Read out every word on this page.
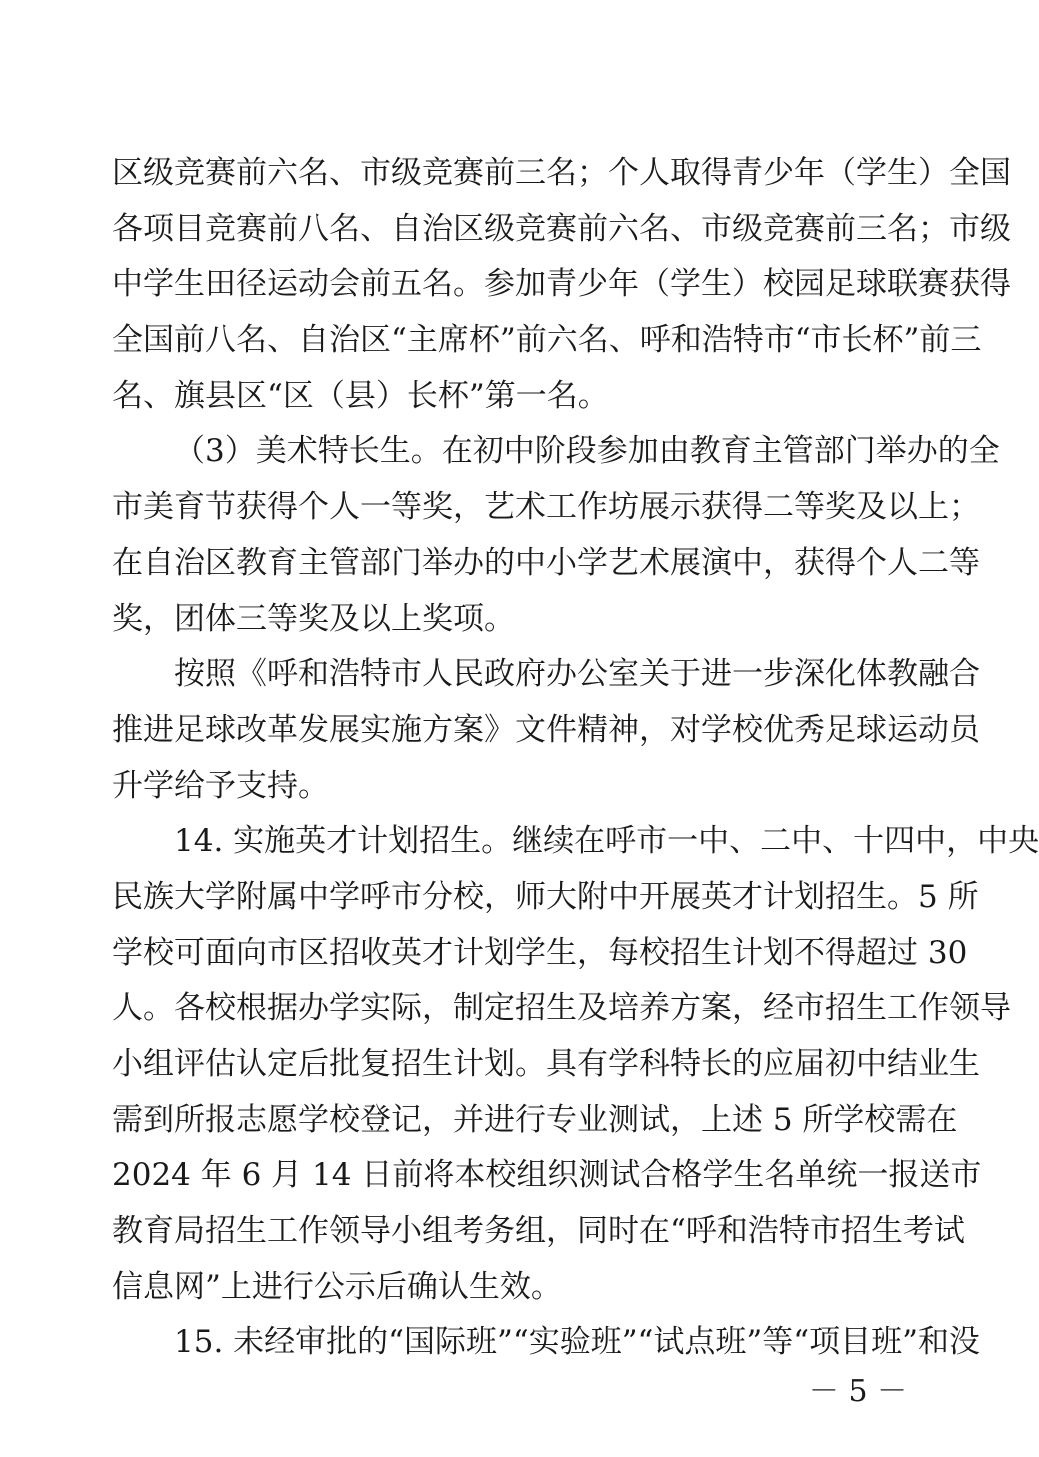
区级竞赛前六名、市级竞赛前三名；个人取得青少年（学生）全国
各项目竞赛前八名、自治区级竞赛前六名、市级竞赛前三名；市级
中学生田径运动会前五名。参加青少年（学生）校园足球联赛获得
全国前八名、自治区“主席杯”前六名、呼和浩特市“市长杯”前三
名、旗县区“区（县）长杯”第一名。
（3）美术特长生。在初中阶段参加由教育主管部门举办的全
市美育节获得个人一等奖，艺术工作坊展示获得二等奖及以上；
在自治区教育主管部门举办的中小学艺术展演中，获得个人二等
奖，团体三等奖及以上奖项。
按照《呼和浩特市人民政府办公室关于进一步深化体教融合
推进足球改革发展实施方案》文件精神，对学校优秀足球运动员
升学给予支持。
14. 实施英才计划招生。继续在呼市一中、二中、十四中，中央
民族大学附属中学呼市分校，师大附中开展英才计划招生。5 所
学校可面向市区招收英才计划学生，每校招生计划不得超过 30
人。各校根据办学实际，制定招生及培养方案，经市招生工作领导
小组评估认定后批复招生计划。具有学科特长的应届初中结业生
需到所报志愿学校登记，并进行专业测试，上述 5 所学校需在
2024 年 6 月 14 日前将本校组织测试合格学生名单统一报送市
教育局招生工作领导小组考务组，同时在“呼和浩特市招生考试
信息网”上进行公示后确认生效。
15. 未经审批的“国际班”“实验班”“试点班”等“项目班”和没
－ 5 －
